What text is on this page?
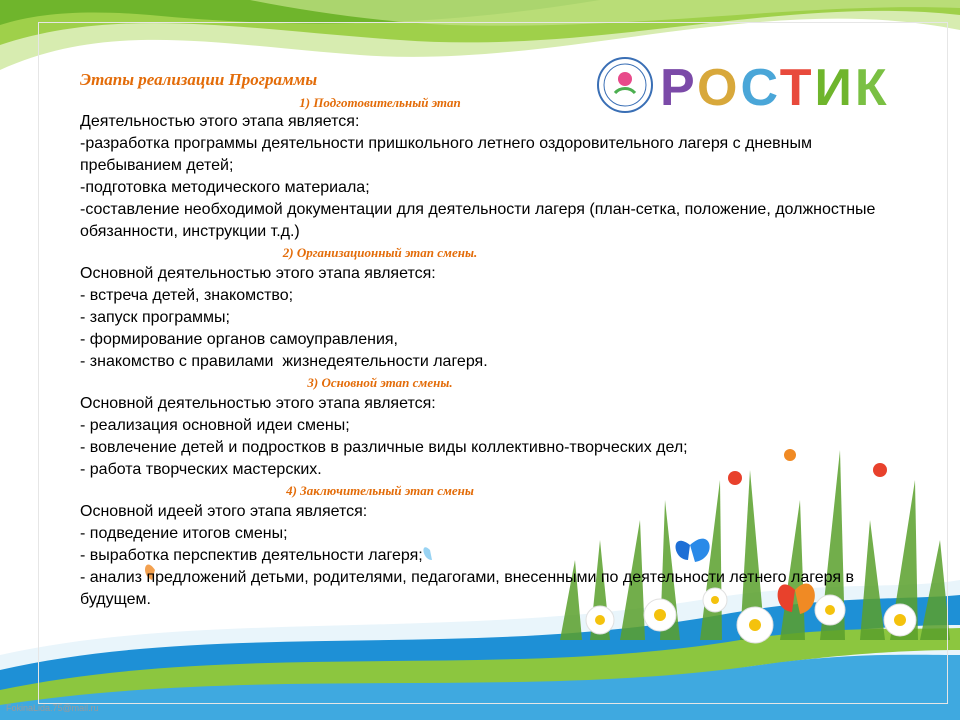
РОСТИК

Этапы реализации Программы

1) Подготовительный этап

Деятельностью этого этапа является:

-разработка программы деятельности пришкольного летнего оздоровительного лагеря с дневным пребыванием детей;

-подготовка методического материала;

-составление необходимой документации для деятельности лагеря (план-сетка, положение, должностные обязанности, инструкции т.д.)

2) Организационный этап смены.

Основной деятельностью этого этапа является:

- встреча детей, знакомство;

- запуск программы;

- формирование органов самоуправления,

- знакомство с правилами  жизнедеятельности лагеря.

3) Основной этап смены.

Основной деятельностью этого этапа является:

- реализация основной идеи смены;

- вовлечение детей и подростков в различные виды коллективно-творческих дел;

- работа творческих мастерских.

4) Заключительный этап смены

Основной идеей этого этапа является:

- подведение итогов смены;

- выработка перспектив деятельности лагеря;

- анализ предложений детьми, родителями, педагогами, внесенными по деятельности летнего лагеря в будущем.

FokinaLida.75@mail.ru
